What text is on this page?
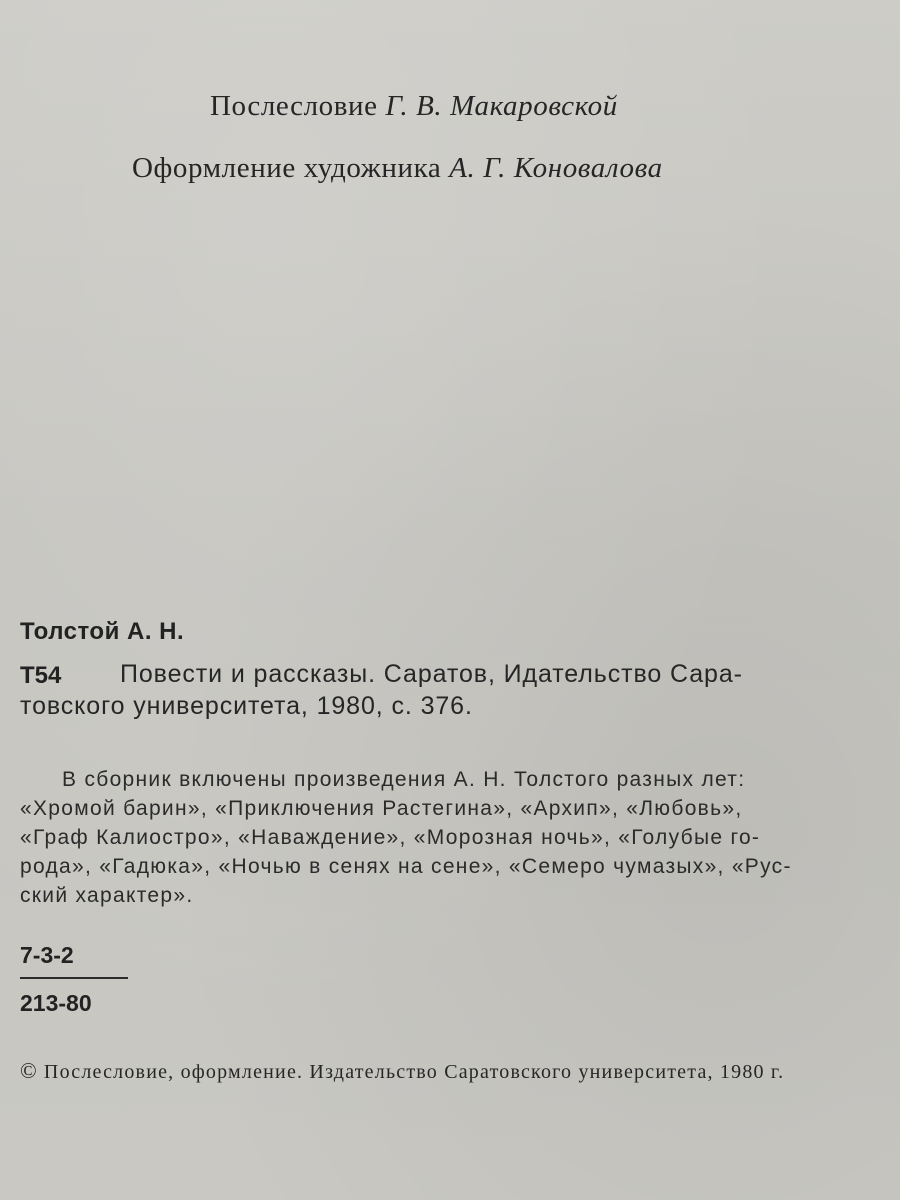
Послесловие Г. В. Макаровской
Оформление художника А. Г. Коновалова
Толстой А. Н.
Т54 Повести и рассказы. Саратов, Идательство Сара-
товского университета, 1980, с. 376.
В сборник включены произведения А. Н. Толстого разных лет:
«Хромой барин», «Приключения Растегина», «Архип», «Любовь»,
«Граф Калиостро», «Наваждение», «Морозная ночь», «Голубые го-
рода», «Гадюка», «Ночью в сенях на сене», «Семеро чумазых», «Рус-
ский характер».
7-3-2
213-80
© Послесловие, оформление. Издательство Саратовского университета, 1980 г.
